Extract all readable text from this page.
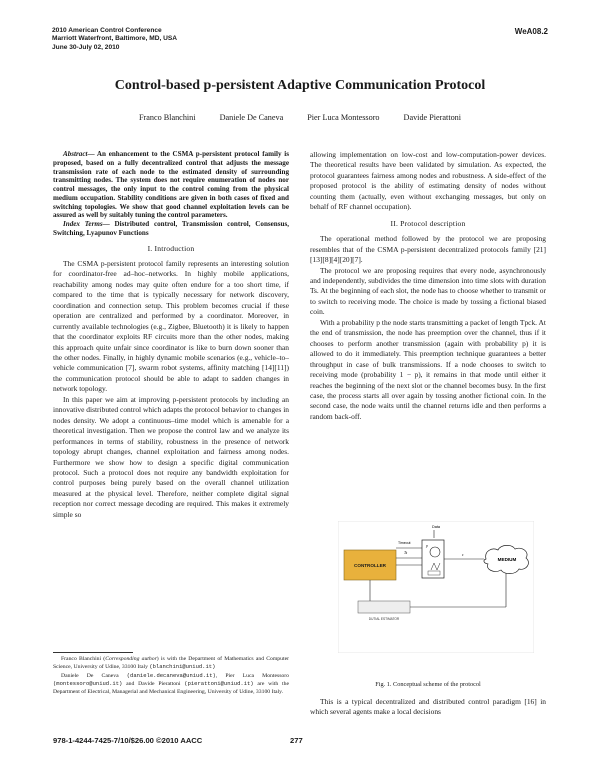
2010 American Control Conference
Marriott Waterfront, Baltimore, MD, USA
June 30-July 02, 2010
WeA08.2
Control-based p-persistent Adaptive Communication Protocol
Franco Blanchini	Daniele De Caneva	Pier Luca Montessoro	Davide Pierattoni

Abstract— An enhancement to the CSMA p-persistent protocol family is proposed, based on a fully decentralized control that adjusts the message transmission rate of each node to the estimated density of surrounding transmitting nodes. The system does not require enumeration of nodes nor control messages, the only input to the control coming from the physical medium occupation. Stability conditions are given in both cases of fixed and switching topologies. We show that good channel exploitation levels can be assured as well by suitably tuning the control parameters.

Index Terms— Distributed control, Transmission control, Consensus, Switching, Lyapunov Functions

I. Introduction

The CSMA p-persistent protocol family represents an interesting solution for coordinator-free ad–hoc–networks. In highly mobile applications, reachability among nodes may quite often endure for a too short time, if compared to the time that is typically necessary for network discovery, coordination and connection setup. This problem becomes crucial if these operation are centralized and performed by a coordinator. Moreover, in currently available technologies (e.g., Zigbee, Bluetooth) it is likely to happen that the coordinator exploits RF circuits more than the other nodes, making this approach quite unfair since coordinator is like to burn down sooner than the other nodes. Finally, in highly dynamic mobile scenarios (e.g., vehicle–to–vehicle communication [7], swarm robot systems, affinity matching [14][11]) the communication protocol should be able to adapt to sadden changes in network topology.

In this paper we aim at improving p-persistent protocols by including an innovative distributed control which adapts the protocol behavior to changes in nodes density. We adopt a continuous–time model which is amenable for a theoretical investigation. Then we propose the control law and we analyze its performances in terms of stability, robustness in the presence of network topology abrupt changes, channel exploitation and fairness among nodes. Furthermore we show how to design a specific digital communication protocol. Such a protocol does not require any bandwidth exploitation for control purposes being purely based on the overall channel utilization measured at the physical level. Therefore, neither complete digital signal reception nor correct message decoding are required. This makes it extremely simple so

Franco Blanchini (Corresponding author) is with the Department of Mathematics and Computer Science, University of Udine, 33100 Italy (blanchini@uniud.it)

Daniele De Caneva (daniele.decaneva@uniud.it), Pier Luca Montessoro (montessoro@uniud.it) and Davide Pierattoni (pierattoni@uniud.it) are with the Department of Electrical, Managerial and Mechanical Engineering, University of Udine, 33100 Italy.

allowing implementation on low-cost and low-computation-power devices. The theoretical results have been validated by simulation. As expected, the protocol guarantees fairness among nodes and robustness. A side-effect of the proposed protocol is the ability of estimating density of nodes without counting them (actually, even without exchanging messages, but only on behalf of RF channel occupation).

II. Protocol description

The operational method followed by the protocol we are proposing resembles that of the CSMA p-persistent decentralized protocols family [21][13][8][4][20][7].

The protocol we are proposing requires that every node, asynchronously and independently, subdivides the time dimension into time slots with duration Ts. At the beginning of each slot, the node has to choose whether to transmit or to switch to receiving mode. The choice is made by tossing a fictional biased coin.

With a probability p the node starts transmitting a packet of length Tpck. At the end of transmission, the node has preemption over the channel, thus if it chooses to perform another transmission (again with probability p) it is allowed to do it immediately. This preemption technique guarantees a better throughput in case of bulk transmissions. If a node chooses to switch to receiving mode (probability 1 − p), it remains in that mode until either it reaches the beginning of the next slot or the channel becomes busy. In the first case, the process starts all over again by tossing another fictional coin. In the second case, the node waits until the channel returns idle and then performs a random back-off.

Data
CONTROLLER
Timeout
Ts
p
ε
MEDIUM
DUTIAL ESTIMATOR
Fig. 1. Conceptual scheme of the protocol
This is a typical decentralized and distributed control paradigm [16] in which several agents make a local decisions
978-1-4244-7425-7/10/$26.00 ©2010 AACC	277
